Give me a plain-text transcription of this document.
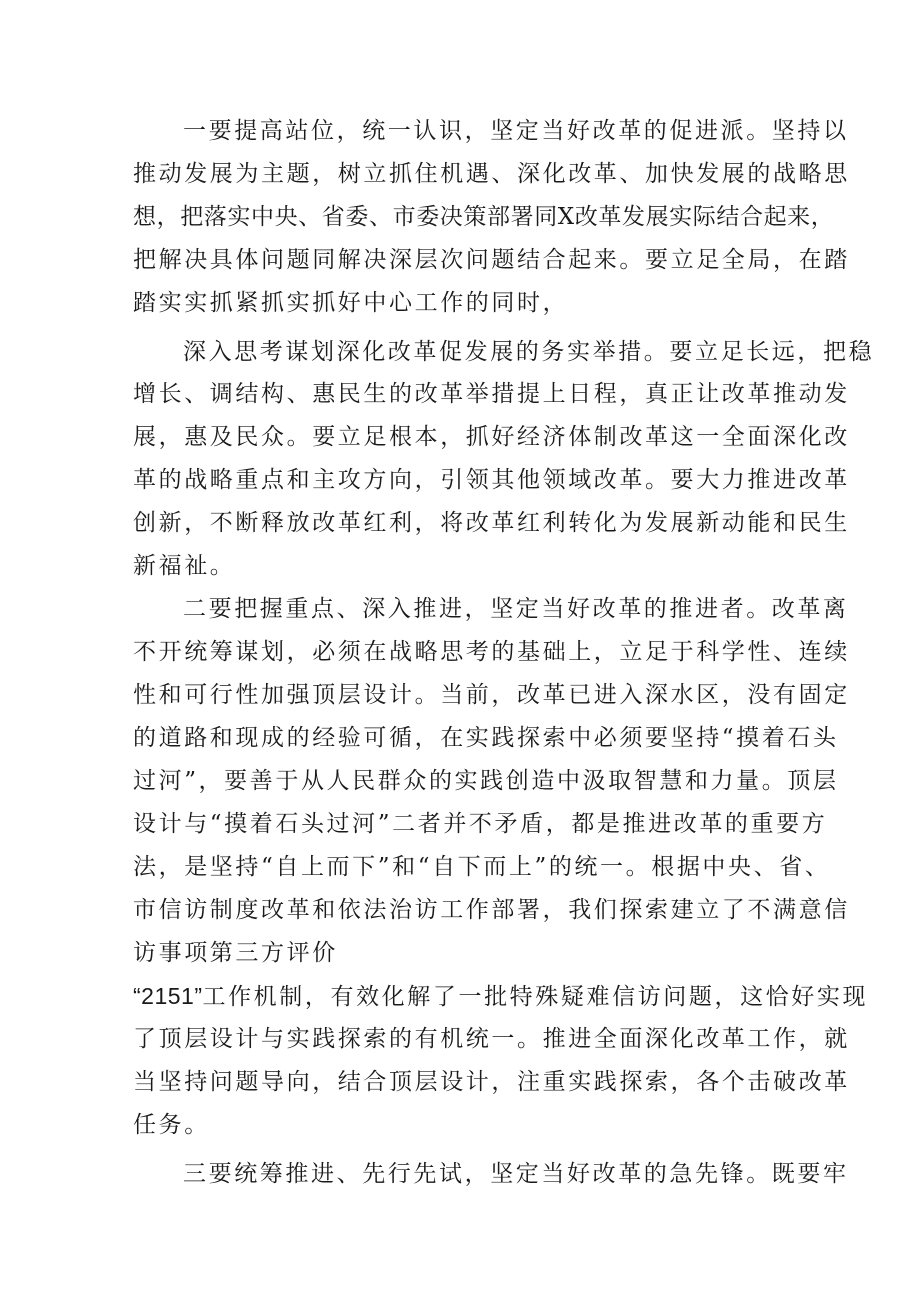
一要提高站位，统一认识，坚定当好改革的促进派。坚持以

推动发展为主题，树立抓住机遇、深化改革、加快发展的战略思

想，把落实中央、省委、市委决策部署同X改革发展实际结合起来，

把解决具体问题同解决深层次问题结合起来。要立足全局，在踏

踏实实抓紧抓实抓好中心工作的同时，

深入思考谋划深化改革促发展的务实举措。要立足长远，把稳

增长、调结构、惠民生的改革举措提上日程，真正让改革推动发

展，惠及民众。要立足根本，抓好经济体制改革这一全面深化改

革的战略重点和主攻方向，引领其他领域改革。要大力推进改革

创新，不断释放改革红利，将改革红利转化为发展新动能和民生

新福祉。

二要把握重点、深入推进，坚定当好改革的推进者。改革离

不开统筹谋划，必须在战略思考的基础上，立足于科学性、连续

性和可行性加强顶层设计。当前，改革已进入深水区，没有固定

的道路和现成的经验可循，在实践探索中必须要坚持“摸着石头

过河”，要善于从人民群众的实践创造中汲取智慧和力量。顶层

设计与“摸着石头过河”二者并不矛盾，都是推进改革的重要方

法，是坚持“自上而下”和“自下而上”的统一。根据中央、省、

市信访制度改革和依法治访工作部署，我们探索建立了不满意信

访事项第三方评价

“2151”工作机制，有效化解了一批特殊疑难信访问题，这恰好实现

了顶层设计与实践探索的有机统一。推进全面深化改革工作，就

当坚持问题导向，结合顶层设计，注重实践探索，各个击破改革

任务。

三要统筹推进、先行先试，坚定当好改革的急先锋。既要牢
